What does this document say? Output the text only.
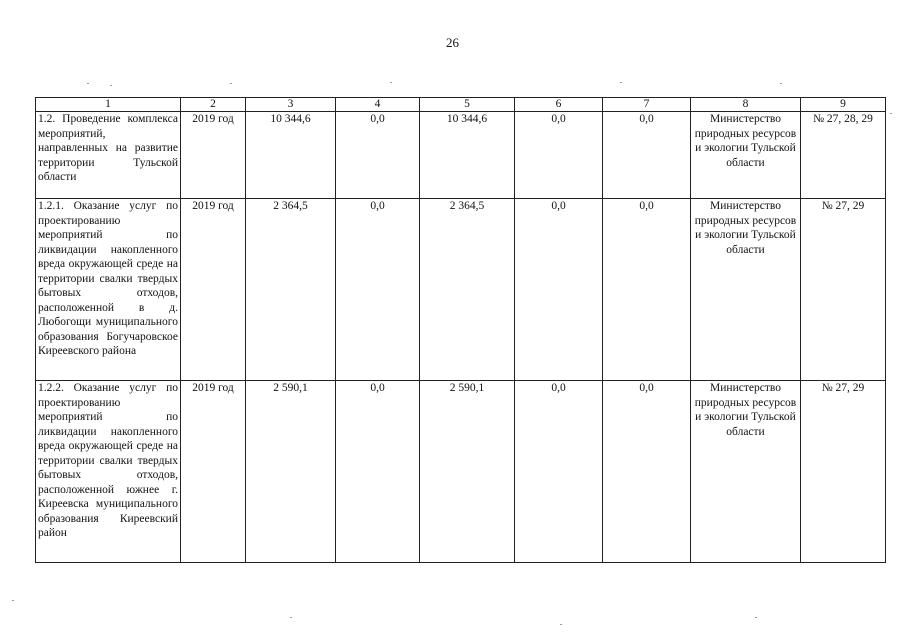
26
1	2	3	4	5	6	7	8	9
1.2. Проведение комплекса мероприятий, направленных на развитие территории Тульской области	2019 год	10 344,6	0,0	10 344,6	0,0	0,0	Министерство природных ресурсов и экологии Тульской области	№ 27, 28, 29
1.2.1. Оказание услуг по проектированию мероприятий по ликвидации накопленного вреда окружающей среде на территории свалки твердых бытовых отходов, расположенной в д. Любогощи муниципального образования Богучаровское Киреевского района	2019 год	2 364,5	0,0	2 364,5	0,0	0,0	Министерство природных ресурсов и экологии Тульской области	№ 27, 29
1.2.2. Оказание услуг по проектированию мероприятий по ликвидации накопленного вреда окружающей среде на территории свалки твердых бытовых отходов, расположенной южнее г. Киреевска муниципального образования Киреевский район	2019 год	2 590,1	0,0	2 590,1	0,0	0,0	Министерство природных ресурсов и экологии Тульской области	№ 27, 29
